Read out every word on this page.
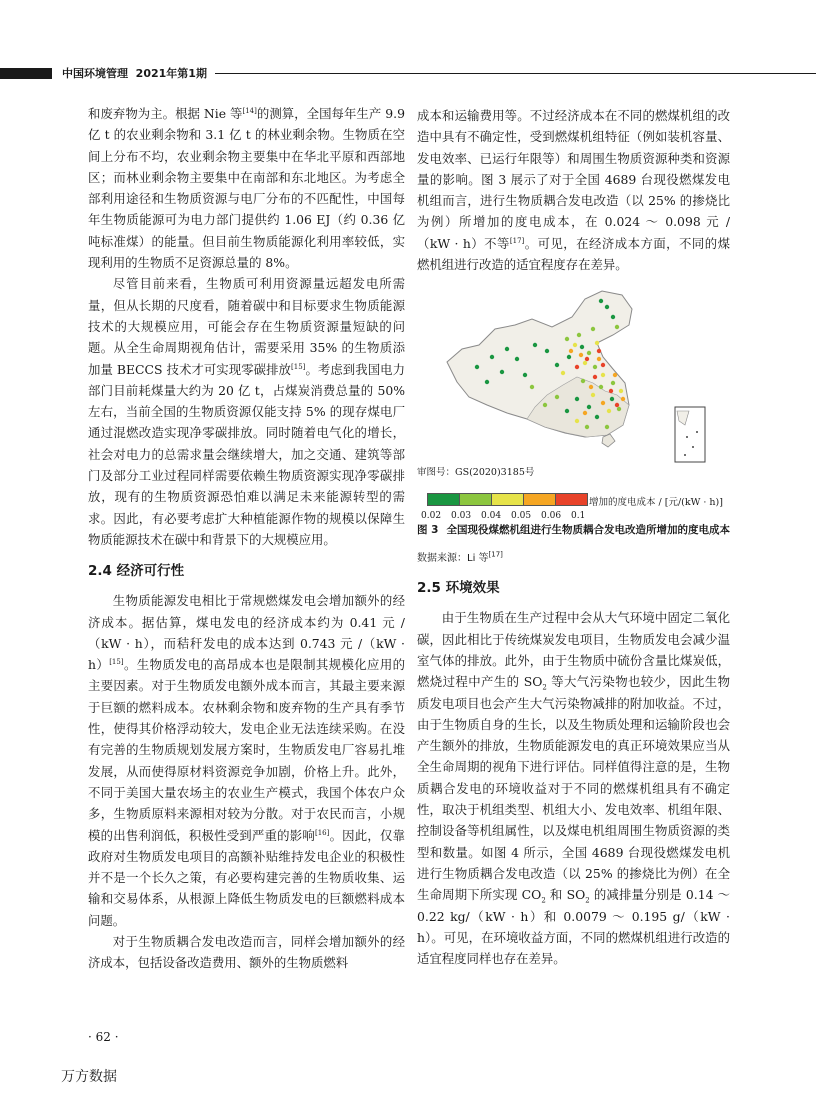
中国环境管理 2021年第1期

和废弃物为主。根据 Nie 等[14]的测算，全国每年生产 9.9 亿 t 的农业剩余物和 3.1 亿 t 的林业剩余物。生物质在空间上分布不均，农业剩余物主要集中在华北平原和西部地区；而林业剩余物主要集中在南部和东北地区。为考虑全部利用途径和生物质资源与电厂分布的不匹配性，中国每年生物质能源可为电力部门提供约 1.06 EJ（约 0.36 亿吨标准煤）的能量。但目前生物质能源化利用率较低，实现利用的生物质不足资源总量的 8%。

尽管目前来看，生物质可利用资源量远超发电所需量，但从长期的尺度看，随着碳中和目标要求生物质能源技术的大规模应用，可能会存在生物质资源量短缺的问题。从全生命周期视角估计，需要采用 35% 的生物质添加量 BECCS 技术才可实现零碳排放[15]。考虑到我国电力部门目前耗煤量大约为 20 亿 t，占煤炭消费总量的 50% 左右，当前全国的生物质资源仅能支持 5% 的现存煤电厂通过混燃改造实现净零碳排放。同时随着电气化的增长，社会对电力的总需求量会继续增大，加之交通、建筑等部门及部分工业过程同样需要依赖生物质资源实现净零碳排放，现有的生物质资源恐怕难以满足未来能源转型的需求。因此，有必要考虑扩大种植能源作物的规模以保障生物质能源技术在碳中和背景下的大规模应用。

2.4 经济可行性

生物质能源发电相比于常规燃煤发电会增加额外的经济成本。据估算，煤电发电的经济成本约为 0.41 元 /（kW · h），而秸秆发电的成本达到 0.743 元 /（kW · h）[15]。生物质发电的高昂成本也是限制其规模化应用的主要因素。对于生物质发电额外成本而言，其最主要来源于巨额的燃料成本。农林剩余物和废弃物的生产具有季节性，使得其价格浮动较大，发电企业无法连续采购。在没有完善的生物质规划发展方案时，生物质发电厂容易扎堆发展，从而使得原材料资源竞争加剧，价格上升。此外，不同于美国大量农场主的农业生产模式，我国个体农户众多，生物质原料来源相对较为分散。对于农民而言，小规模的出售利润低，积极性受到严重的影响[16]。因此，仅靠政府对生物质发电项目的高额补贴维持发电企业的积极性并不是一个长久之策，有必要构建完善的生物质收集、运输和交易体系，从根源上降低生物质发电的巨额燃料成本问题。

对于生物质耦合发电改造而言，同样会增加额外的经济成本，包括设备改造费用、额外的生物质燃料

成本和运输费用等。不过经济成本在不同的燃煤机组的改造中具有不确定性，受到燃煤机组特征（例如装机容量、发电效率、已运行年限等）和周围生物质资源种类和资源量的影响。图 3 展示了对于全国 4689 台现役燃煤发电机组而言，进行生物质耦合发电改造（以 25% 的掺烧比为例）所增加的度电成本，在 0.024 ～ 0.098 元 /（kW · h）不等[17]。可见，在经济成本方面，不同的煤燃机组进行改造的适宜程度存在差异。

审图号：GS(2020)3185号
0.02 0.03 0.04 0.05 0.06 0.1
增加的度电成本 / [元/(kW · h)]
图 3 全国现役煤燃机组进行生物质耦合发电改造所增加的度电成本
数据来源：Li 等[17]
2.5 环境效果

由于生物质在生产过程中会从大气环境中固定二氧化碳，因此相比于传统煤炭发电项目，生物质发电会减少温室气体的排放。此外，由于生物质中硫份含量比煤炭低，燃烧过程中产生的 $SO_2$ 等大气污染物也较少，因此生物质发电项目也会产生大气污染物减排的附加收益。不过，由于生物质自身的生长，以及生物质处理和运输阶段也会产生额外的排放，生物质能源发电的真正环境效果应当从全生命周期的视角下进行评估。同样值得注意的是，生物质耦合发电的环境收益对于不同的燃煤机组具有不确定性，取决于机组类型、机组大小、发电效率、机组年限、控制设备等机组属性，以及煤电机组周围生物质资源的类型和数量。如图 4 所示，全国 4689 台现役燃煤发电机进行生物质耦合发电改造（以 25% 的掺烧比为例）在全生命周期下所实现 $CO_2$ 和 $SO_2$ 的减排量分别是 0.14 ～ 0.22 kg/（kW · h）和 0.0079 ～ 0.195 g/（kW · h）。可见，在环境收益方面，不同的燃煤机组进行改造的适宜程度同样也存在差异。

· 62 ·
万方数据
